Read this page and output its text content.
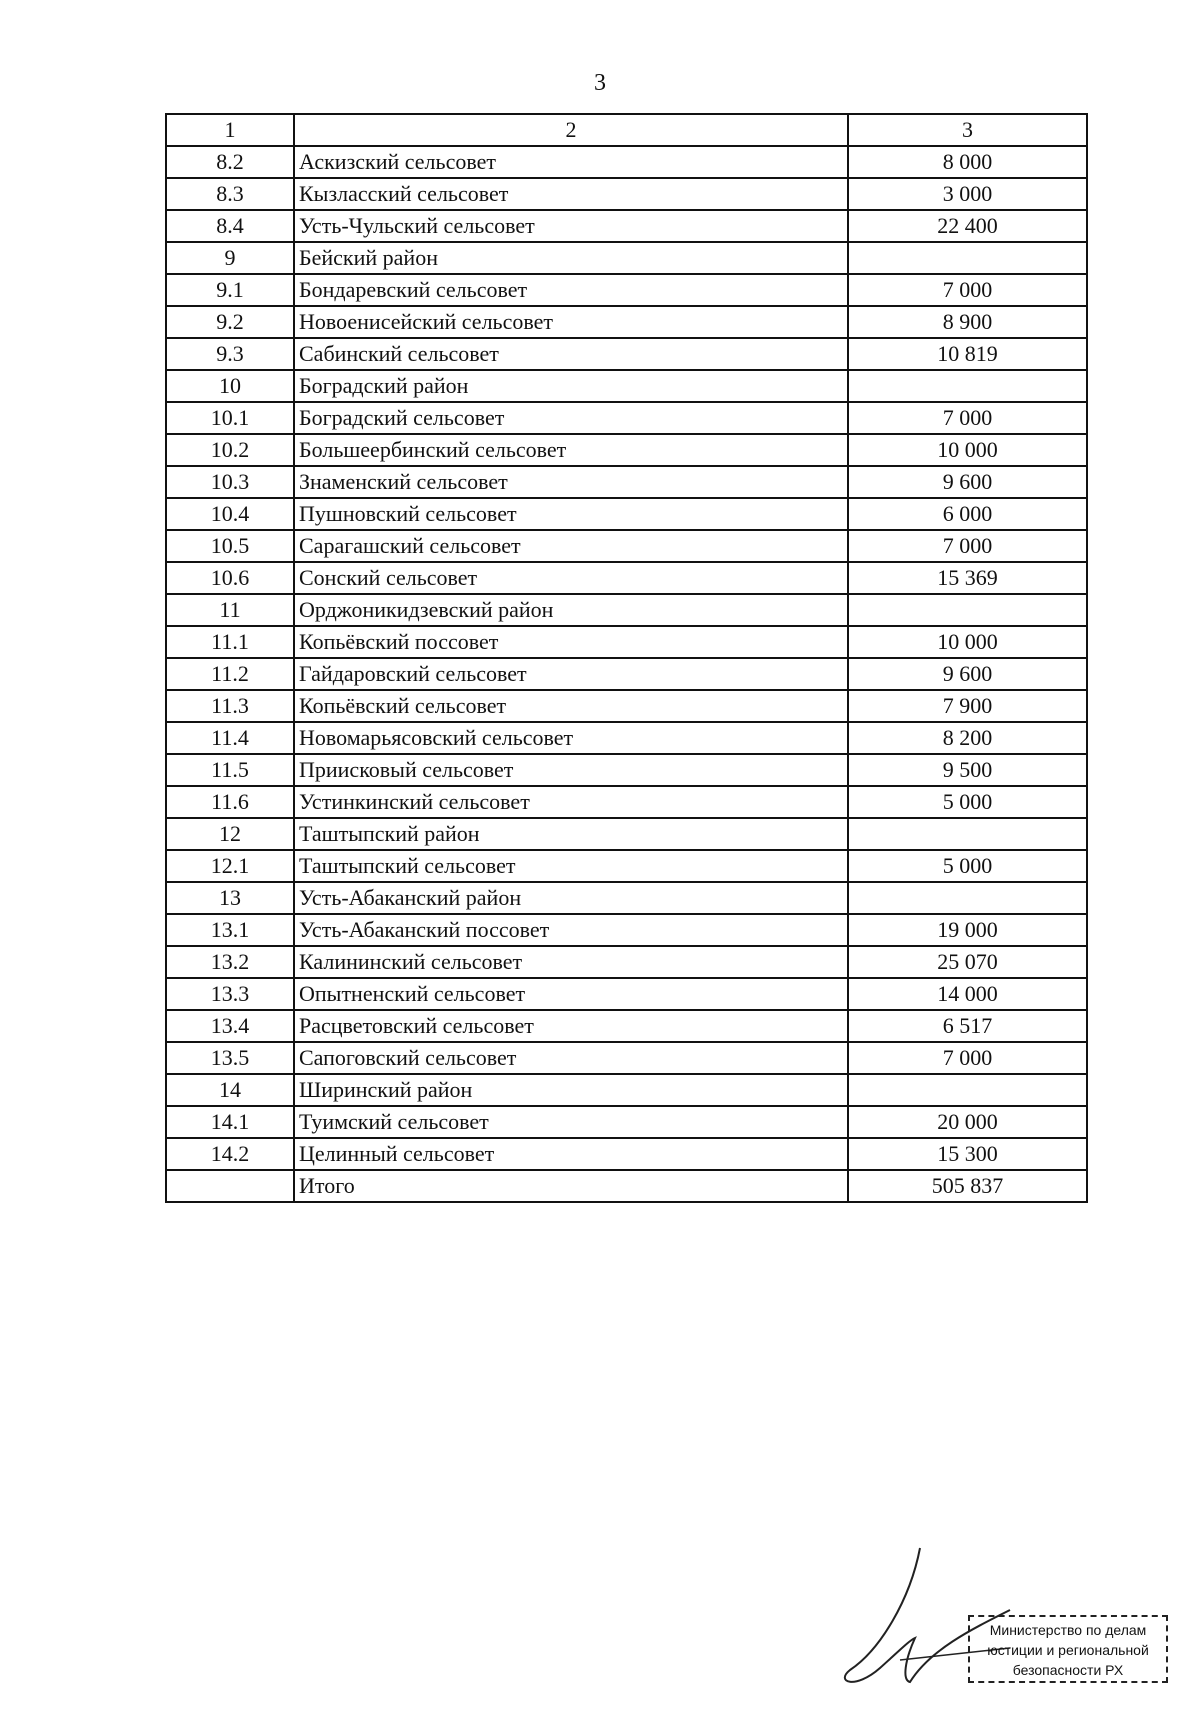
3
1	2	3
8.2	Аскизский сельсовет	8 000
8.3	Кызласский сельсовет	3 000
8.4	Усть-Чульский сельсовет	22 400
9	Бейский район	
9.1	Бондаревский сельсовет	7 000
9.2	Новоенисейский сельсовет	8 900
9.3	Сабинский сельсовет	10 819
10	Боградский район	
10.1	Боградский сельсовет	7 000
10.2	Большеербинский сельсовет	10 000
10.3	Знаменский сельсовет	9 600
10.4	Пушновский сельсовет	6 000
10.5	Сарагашский сельсовет	7 000
10.6	Сонский сельсовет	15 369
11	Орджоникидзевский район	
11.1	Копьёвский поссовет	10 000
11.2	Гайдаровский сельсовет	9 600
11.3	Копьёвский сельсовет	7 900
11.4	Новомарьясовский сельсовет	8 200
11.5	Приисковый сельсовет	9 500
11.6	Устинкинский сельсовет	5 000
12	Таштыпский район	
12.1	Таштыпский сельсовет	5 000
13	Усть-Абаканский район	
13.1	Усть-Абаканский поссовет	19 000
13.2	Калининский сельсовет	25 070
13.3	Опытненский сельсовет	14 000
13.4	Расцветовский сельсовет	6 517
13.5	Сапоговский сельсовет	7 000
14	Ширинский район	
14.1	Туимский сельсовет	20 000
14.2	Целинный сельсовет	15 300
	Итого	505 837
Министерство по делам
юстиции и региональной
безопасности РХ
